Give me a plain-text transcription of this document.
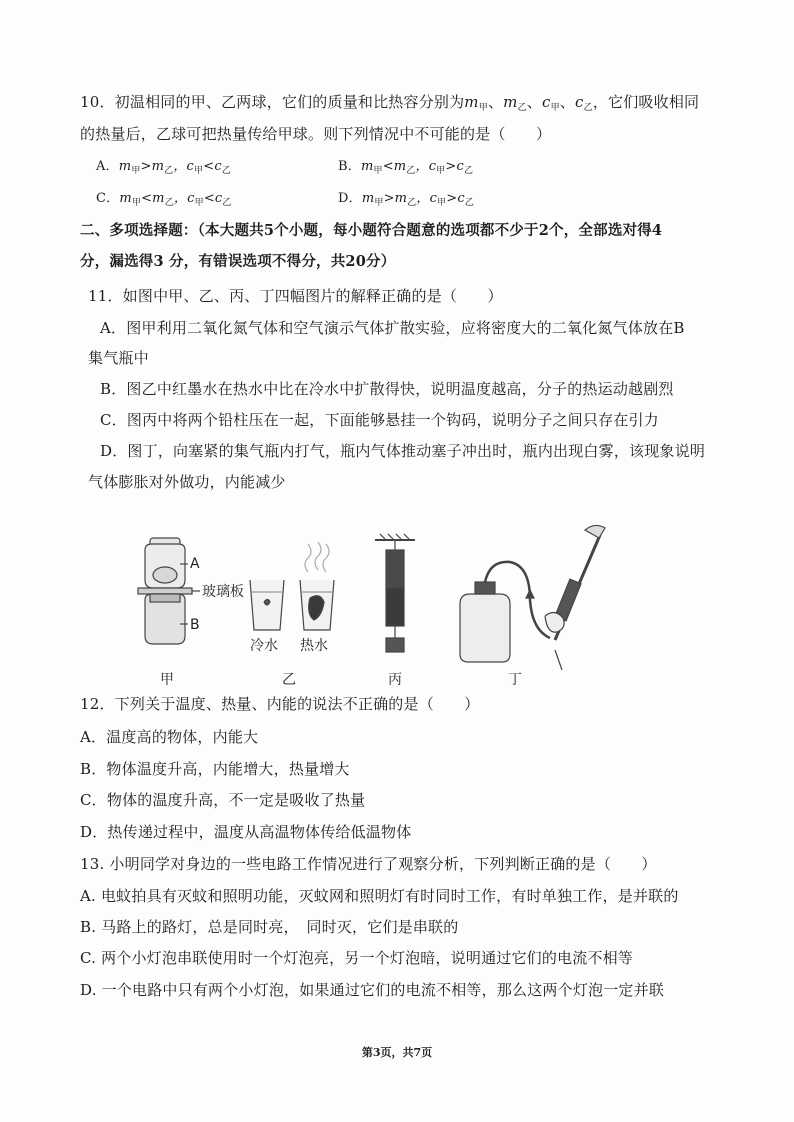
10．初温相同的甲、乙两球，它们的质量和比热容分别为$m_甲$、$m_乙$、$c_甲$、$c_乙$，它们吸收相同
的热量后，乙球可把热量传给甲球。则下列情况中不可能的是（　　）
A．$m_甲>m_乙$，$c_甲<c_乙$	B．$m_甲<m_乙$，$c_甲>c_乙$
C．$m_甲<m_乙$，$c_甲<c_乙$	D．$m_甲>m_乙$，$c_甲>c_乙$
二、多项选择题：（本大题共5个小题，每小题符合题意的选项都不少于2个，全部选对得4
分，漏选得3 分，有错误选项不得分，共20分）
11．如图中甲、乙、丙、丁四幅图片的解释正确的是（　　）
A．图甲利用二氧化氮气体和空气演示气体扩散实验，应将密度大的二氧化氮气体放在B
集气瓶中
B．图乙中红墨水在热水中比在冷水中扩散得快，说明温度越高，分子的热运动越剧烈
C．图丙中将两个铅柱压在一起，下面能够悬挂一个钩码，说明分子之间只存在引力
D．图丁，向塞紧的集气瓶内打气，瓶内气体推动塞子冲出时，瓶内出现白雾，该现象说明
气体膨胀对外做功，内能减少
A
玻璃板
B
冷水 热水
甲	乙	丙	丁
12．下列关于温度、热量、内能的说法不正确的是（　　）
A．温度高的物体，内能大
B．物体温度升高，内能增大，热量增大
C．物体的温度升高，不一定是吸收了热量
D．热传递过程中，温度从高温物体传给低温物体
13. 小明同学对身边的一些电路工作情况进行了观察分析，下列判断正确的是（　　）
A. 电蚊拍具有灭蚊和照明功能，灭蚊网和照明灯有时同时工作，有时单独工作，是并联的
B. 马路上的路灯，总是同时亮，　同时灭，它们是串联的
C. 两个小灯泡串联使用时一个灯泡亮，另一个灯泡暗，说明通过它们的电流不相等
D. 一个电路中只有两个小灯泡，如果通过它们的电流不相等，那么这两个灯泡一定并联
第3页，共7页
